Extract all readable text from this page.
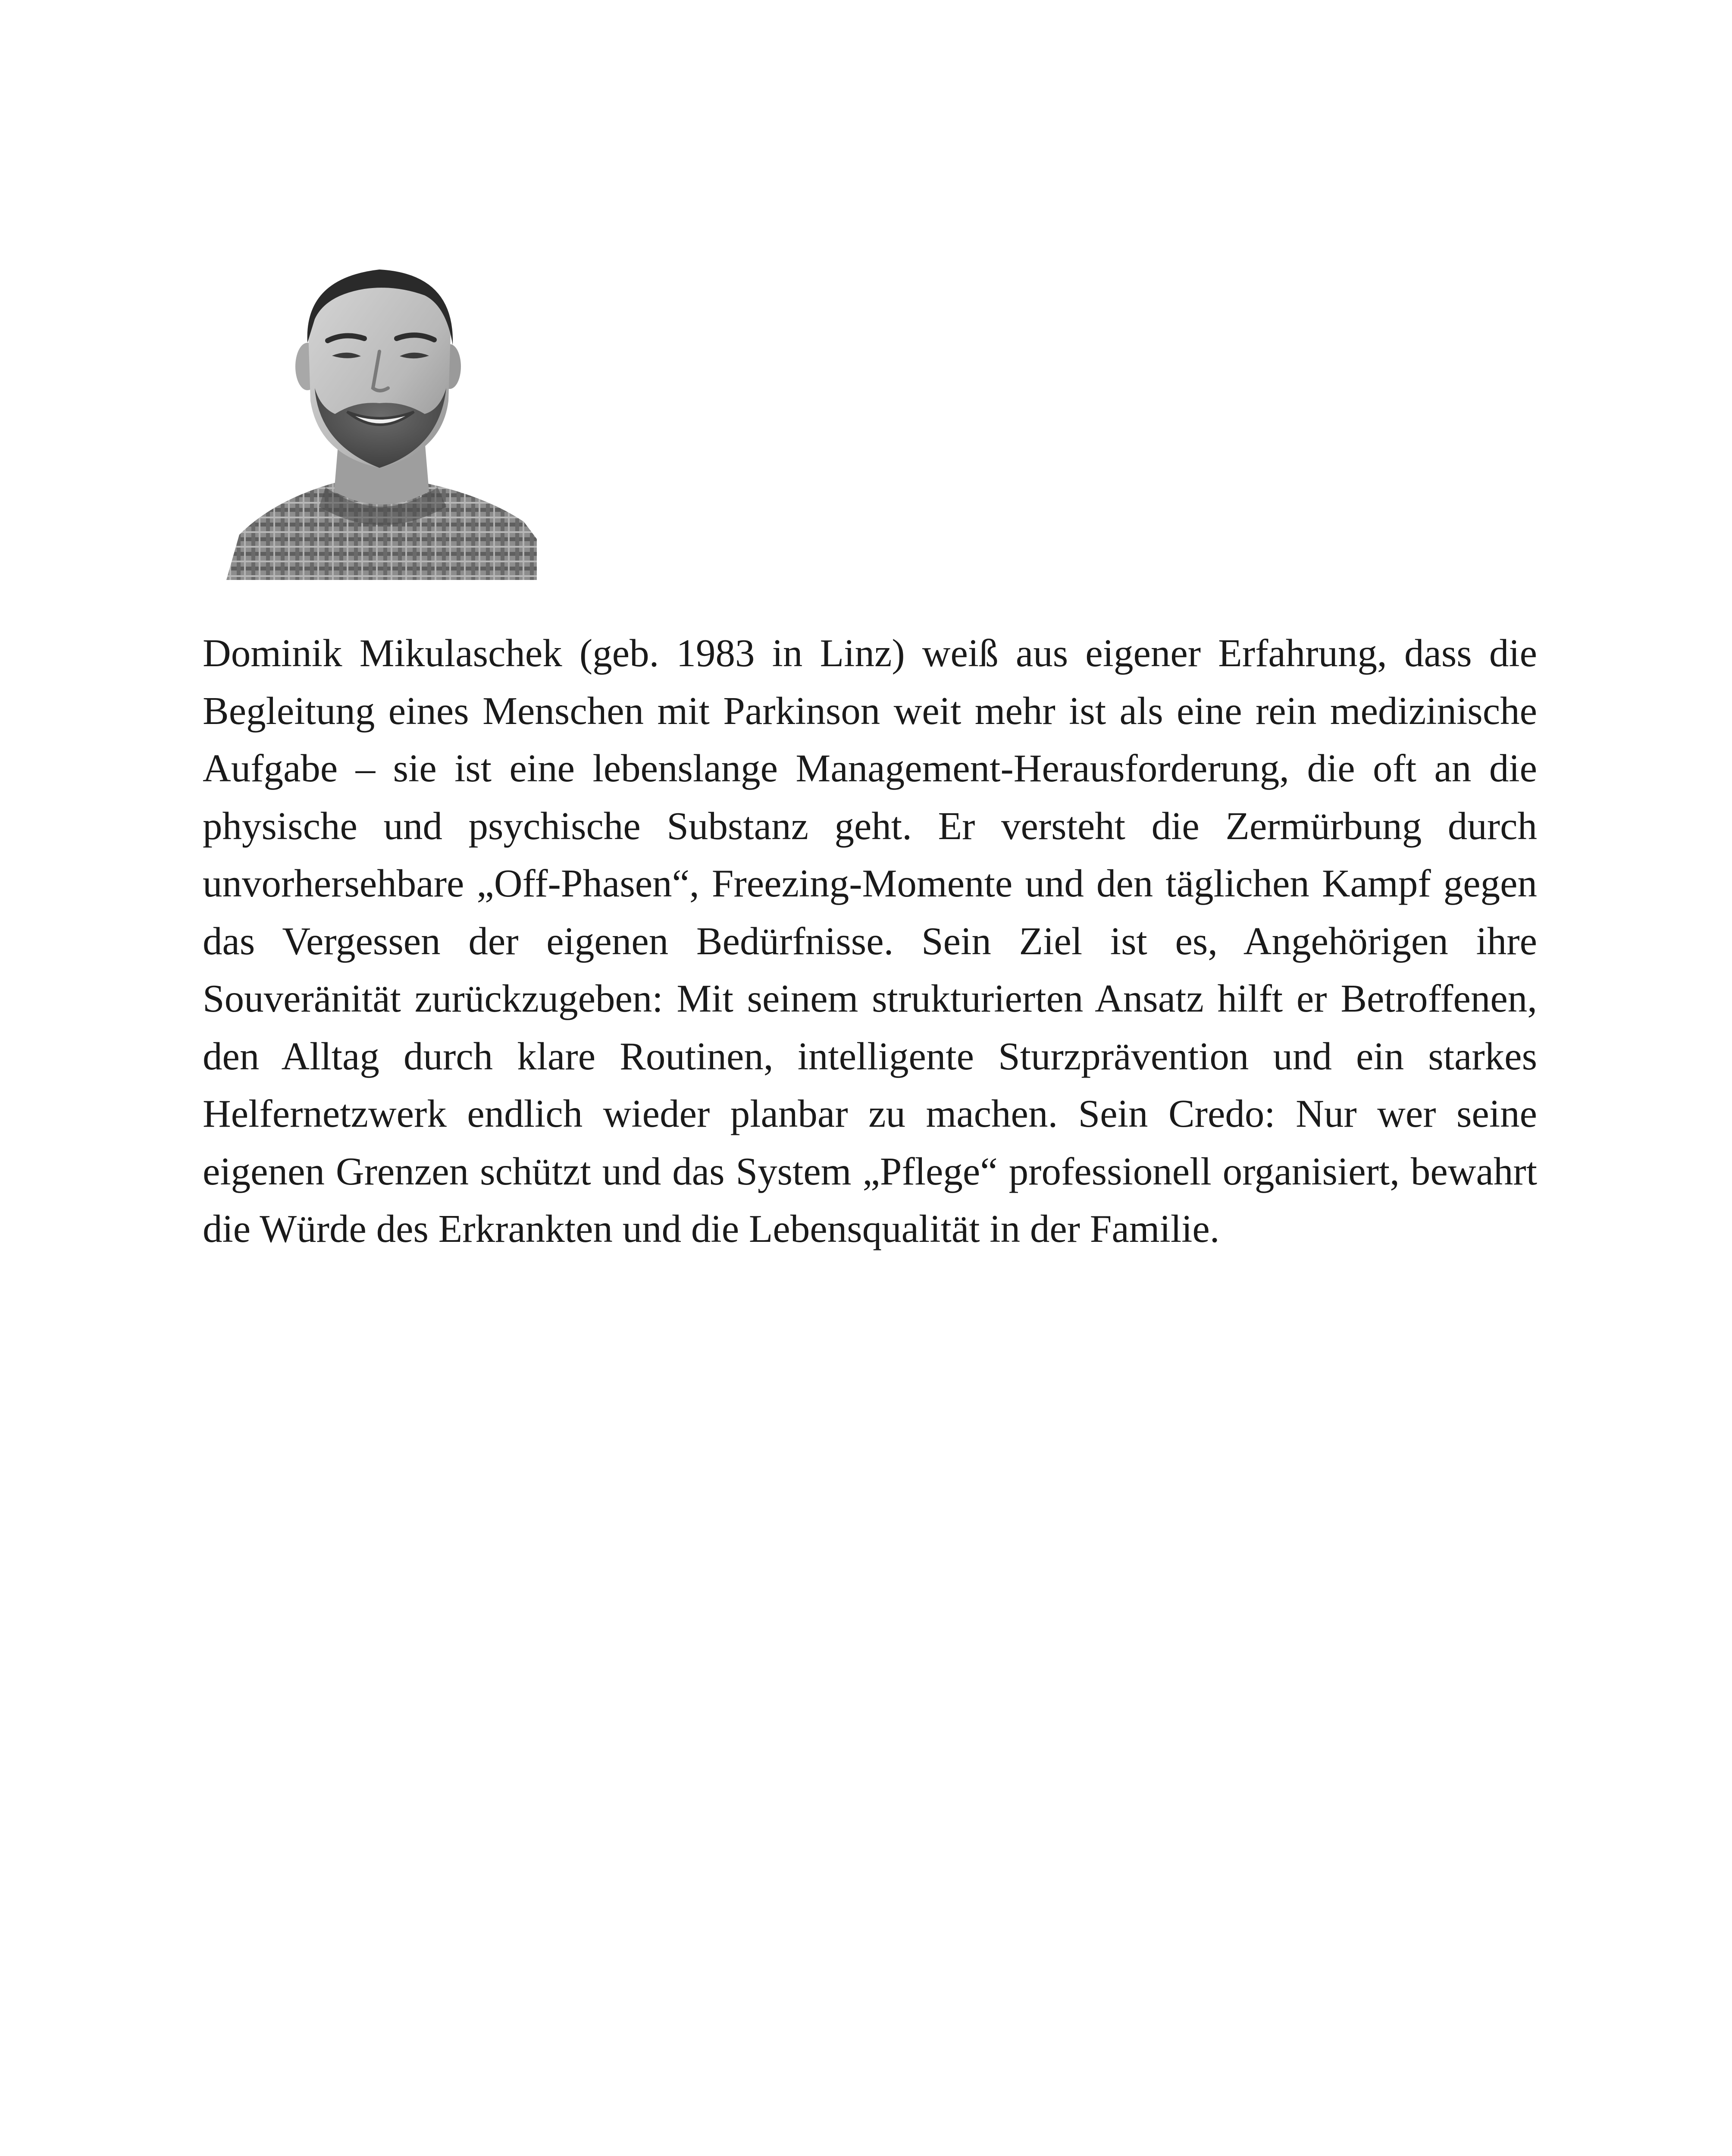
Dominik Mikulaschek (geb. 1983 in Linz) weiß aus eigener Erfahrung, dass die Begleitung eines Menschen mit Parkinson weit mehr ist als eine rein medizinische Aufgabe – sie ist eine lebenslange Management-Herausforderung, die oft an die physische und psychische Substanz geht. Er versteht die Zermürbung durch unvorhersehbare „Off-Phasen“, Freezing-Momente und den täglichen Kampf gegen das Vergessen der eigenen Bedürfnisse. Sein Ziel ist es, Angehörigen ihre Souveränität zurückzugeben: Mit seinem strukturierten Ansatz hilft er Betroffenen, den Alltag durch klare Routinen, intelligente Sturzprävention und ein starkes Helfernetzwerk endlich wieder planbar zu machen. Sein Credo: Nur wer seine eigenen Grenzen schützt und das System „Pflege“ professionell organisiert, bewahrt die Würde des Erkrankten und die Lebensqualität in der Familie.
